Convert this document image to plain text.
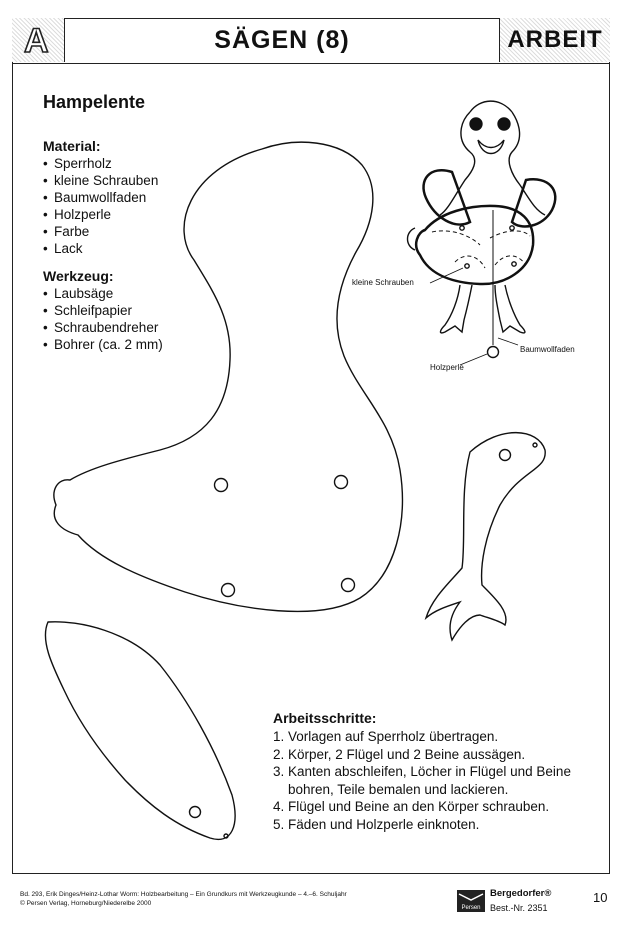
A	SÄGEN (8)	ARBEIT
Hampelente
Material:
• Sperrholz
• kleine Schrauben
• Baumwollfaden
• Holzperle
• Farbe
• Lack
Werkzeug:
• Laubsäge
• Schleifpapier
• Schraubendreher
• Bohrer (ca. 2 mm)
kleine Schrauben
Baumwollfaden
Holzperle
Arbeitsschritte:
1. Vorlagen auf Sperrholz übertragen.
2. Körper, 2 Flügel und 2 Beine aussägen.
3. Kanten abschleifen, Löcher in Flügel und Beine bohren, Teile bemalen und lackieren.
4. Flügel und Beine an den Körper schrauben.
5. Fäden und Holzperle einknoten.
Bd. 293, Erik Dinges/Heinz-Lothar Worm: Holzbearbeitung – Ein Grundkurs mit Werkzeugkunde – 4.–6. Schuljahr
© Persen Verlag, Horneburg/Niederelbe 2000
Persen
Bergedorfer®
Best.-Nr. 2351
10
